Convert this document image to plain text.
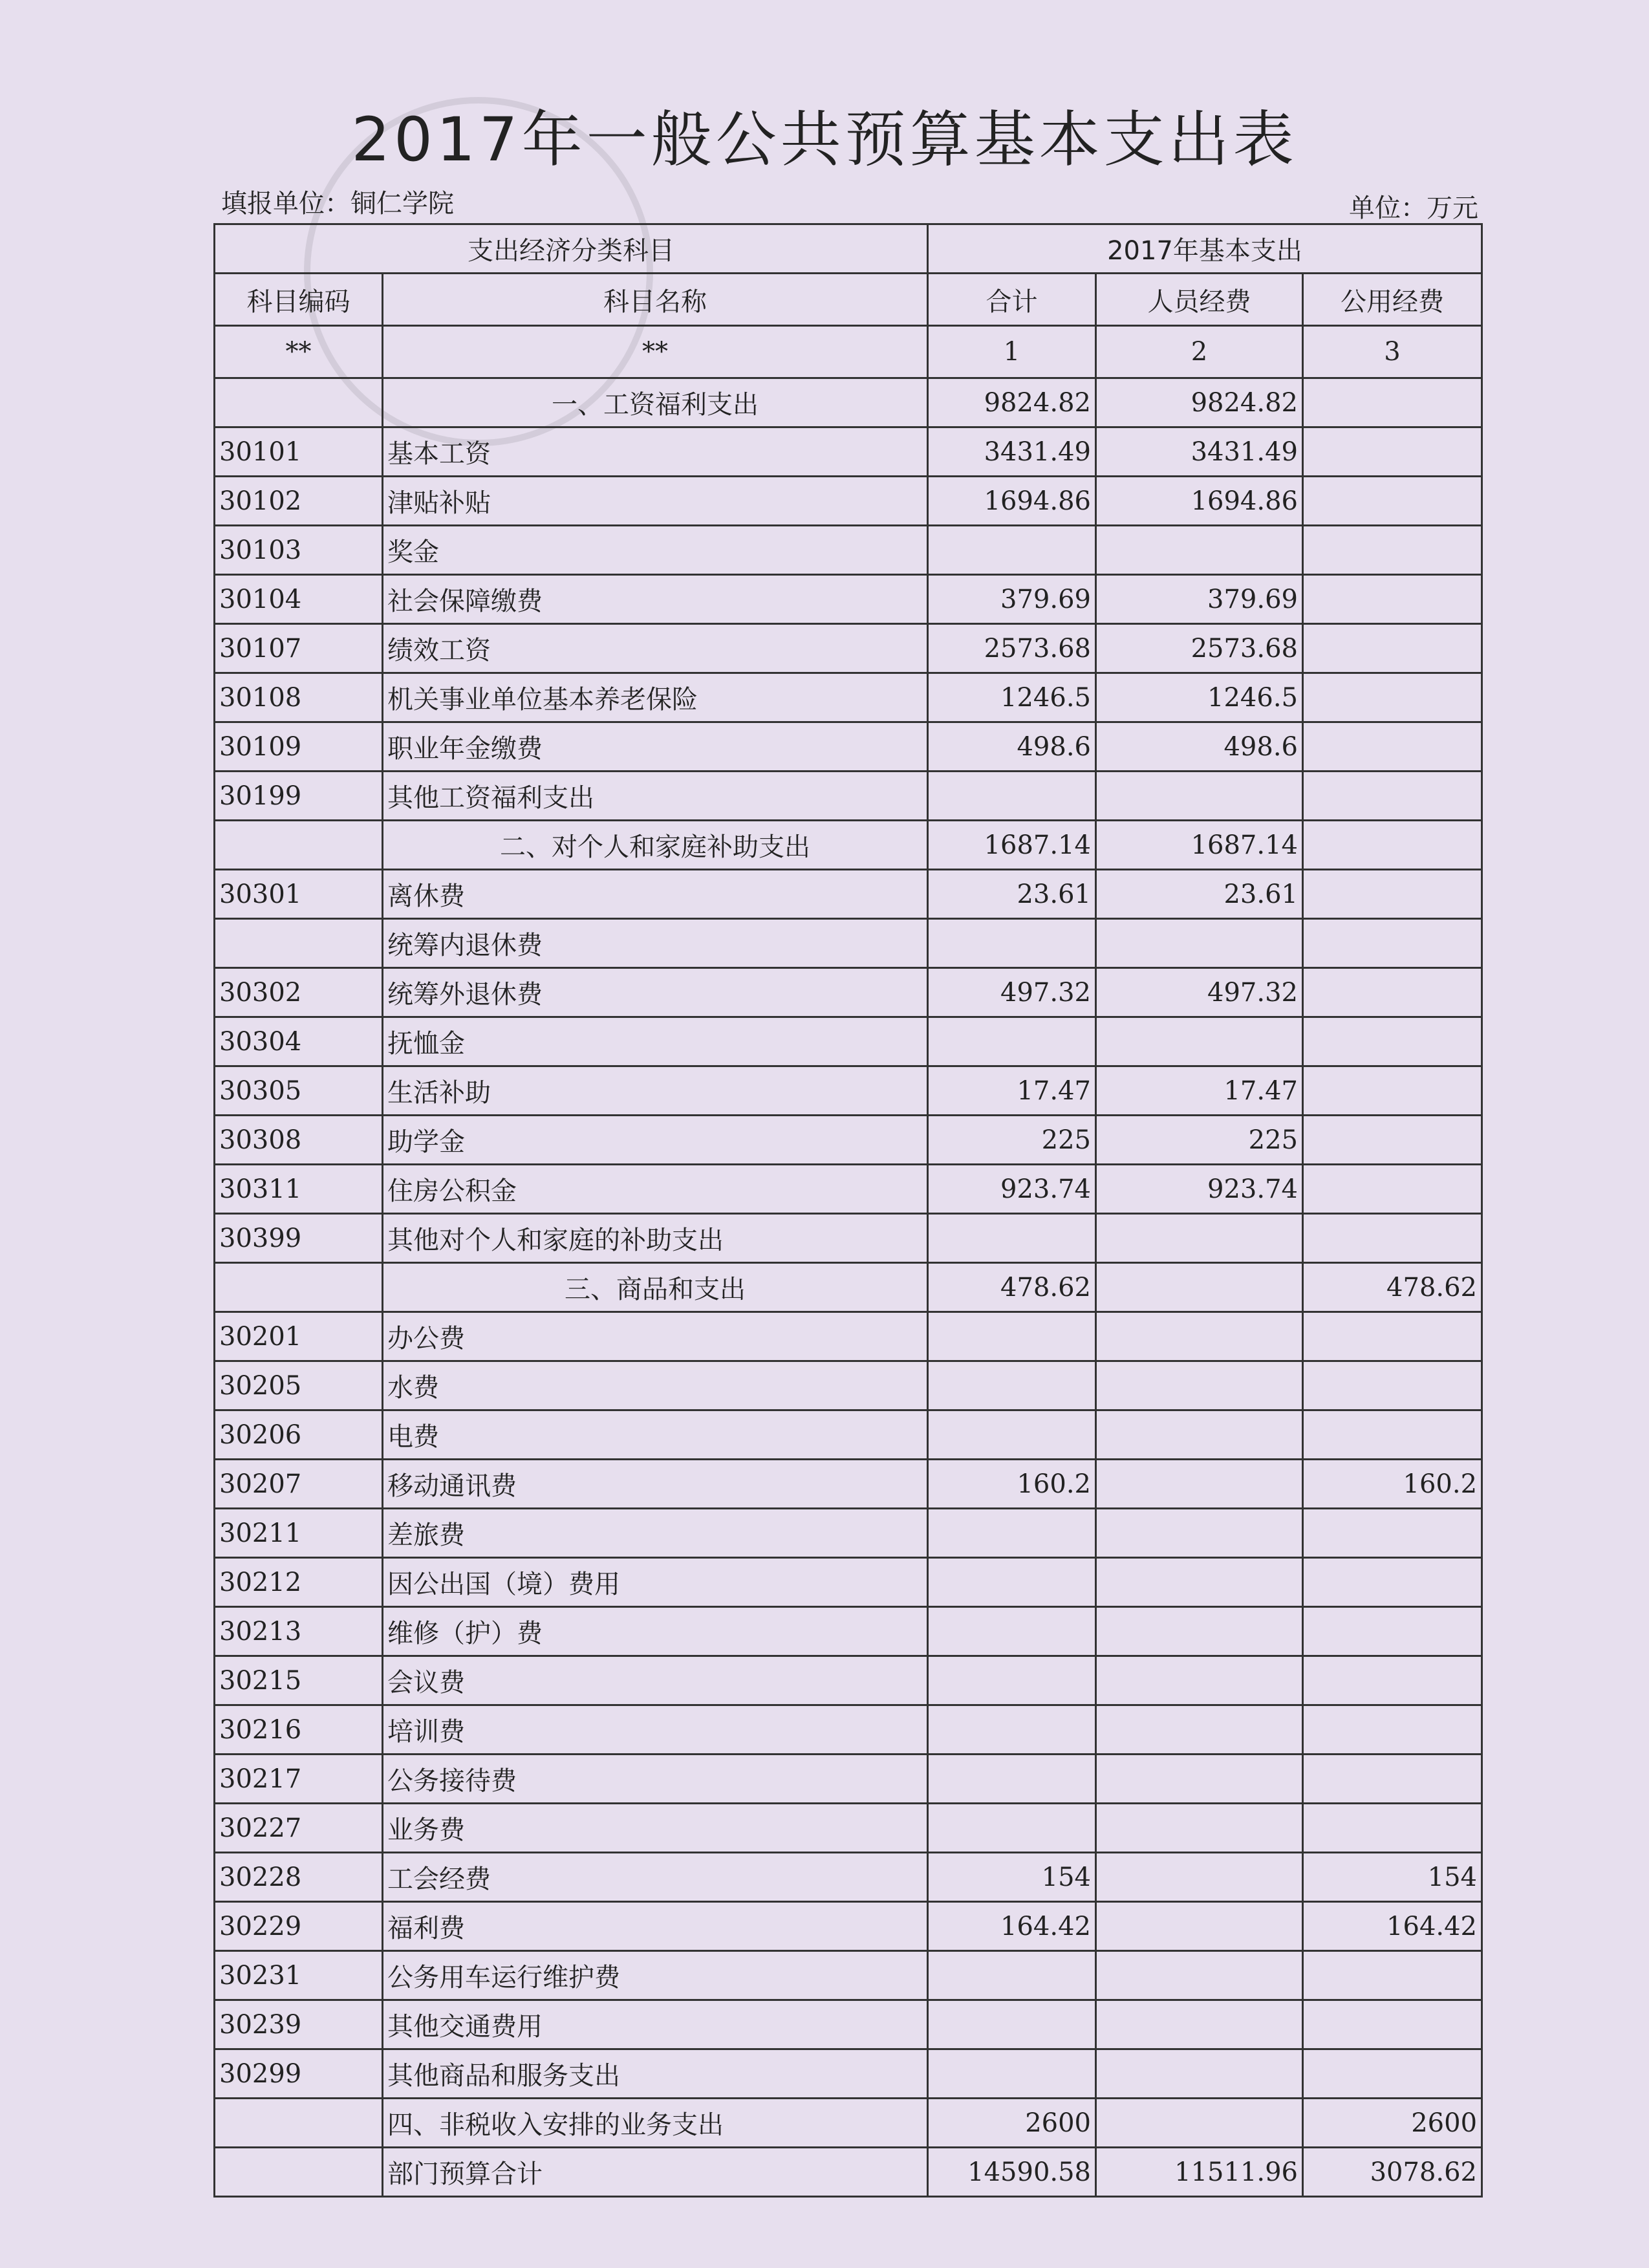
2017年一般公共预算基本支出表
填报单位：铜仁学院	单位：万元
支出经济分类科目		2017年基本支出		
科目编码	科目名称	合计	人员经费	公用经费
**	**	1	2	3
	一、工资福利支出	9824.82	9824.82	
30101	基本工资	3431.49	3431.49	
30102	津贴补贴	1694.86	1694.86	
30103	奖金			
30104	社会保障缴费	379.69	379.69	
30107	绩效工资	2573.68	2573.68	
30108	机关事业单位基本养老保险	1246.5	1246.5	
30109	职业年金缴费	498.6	498.6	
30199	其他工资福利支出			
	二、对个人和家庭补助支出	1687.14	1687.14	
30301	离休费	23.61	23.61	
	统筹内退休费			
30302	统筹外退休费	497.32	497.32	
30304	抚恤金			
30305	生活补助	17.47	17.47	
30308	助学金	225	225	
30311	住房公积金	923.74	923.74	
30399	其他对个人和家庭的补助支出			
	三、商品和支出	478.62		478.62
30201	办公费			
30205	水费			
30206	电费			
30207	移动通讯费	160.2		160.2
30211	差旅费			
30212	因公出国（境）费用			
30213	维修（护）费			
30215	会议费			
30216	培训费			
30217	公务接待费			
30227	业务费			
30228	工会经费	154		154
30229	福利费	164.42		164.42
30231	公务用车运行维护费			
30239	其他交通费用			
30299	其他商品和服务支出			
	四、非税收入安排的业务支出	2600		2600
	部门预算合计	14590.58	11511.96	3078.62
